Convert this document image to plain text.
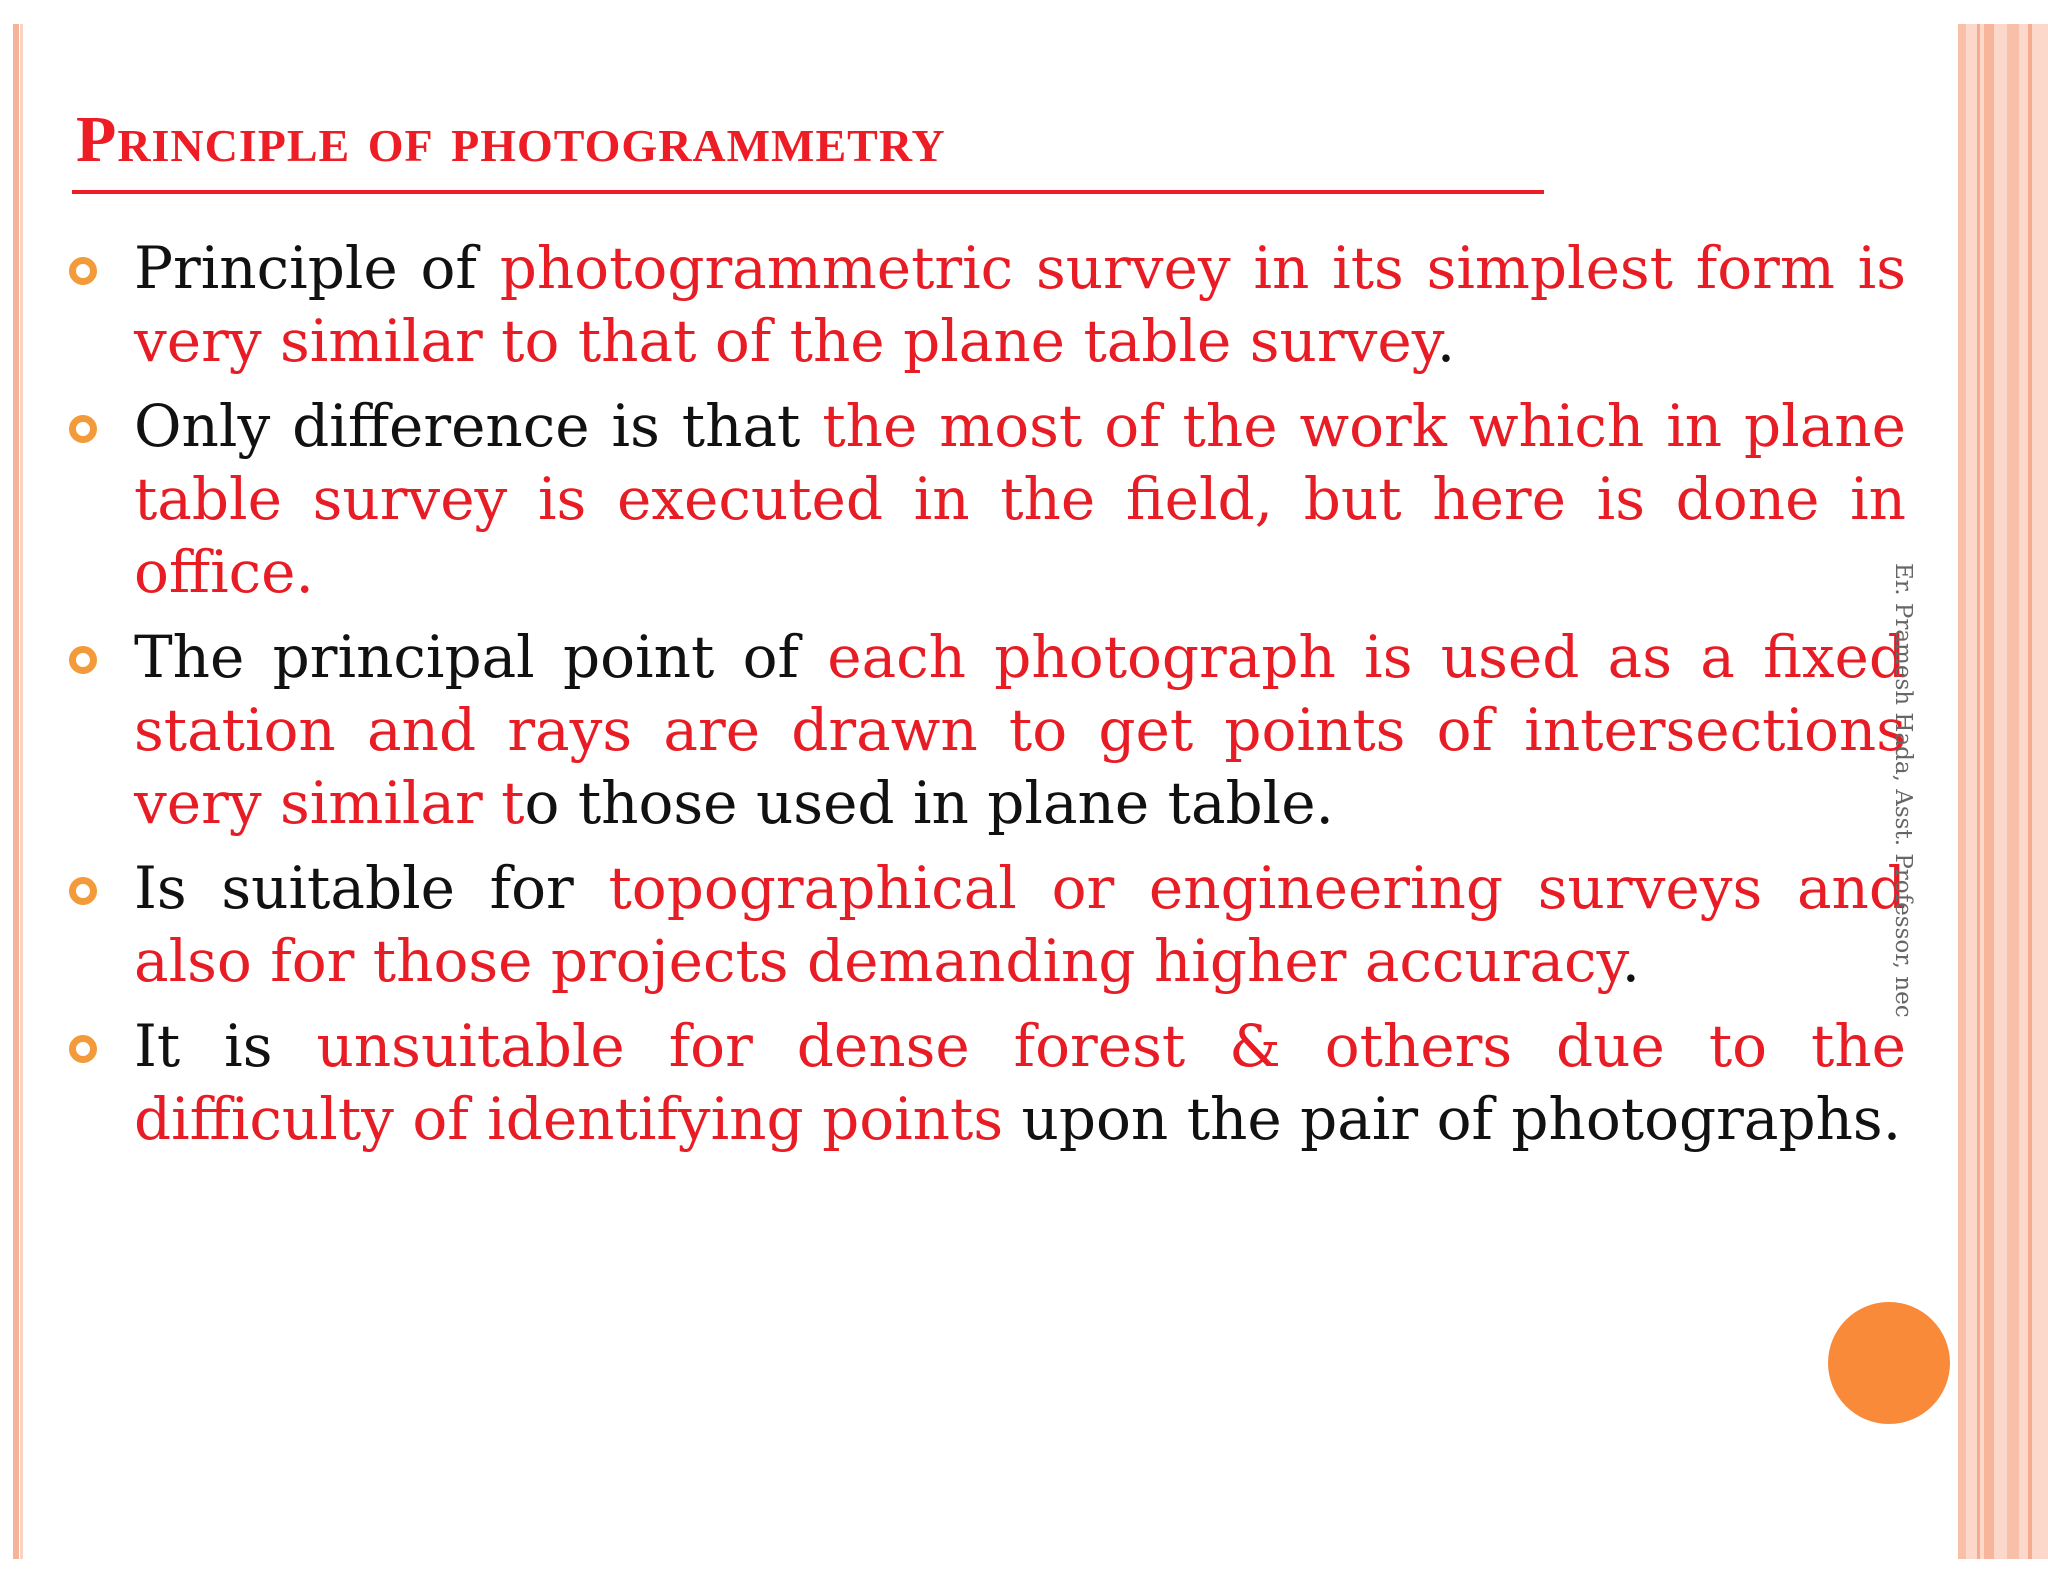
Principle of photogrammetry
Principle of photogrammetric survey in its simplest form is very similar to that of the plane table survey.
Only difference is that the most of the work which in plane table survey is executed in the field, but here is done in office.
The principal point of each photograph is used as a fixed station and rays are drawn to get points of intersections very similar to those used in plane table.
Is suitable for topographical or engineering surveys and also for those projects demanding higher accuracy.
It is unsuitable for dense forest & others due to the difficulty of identifying points upon the pair of photographs.

Er. Pramesh Hada, Asst. Professor, nec
